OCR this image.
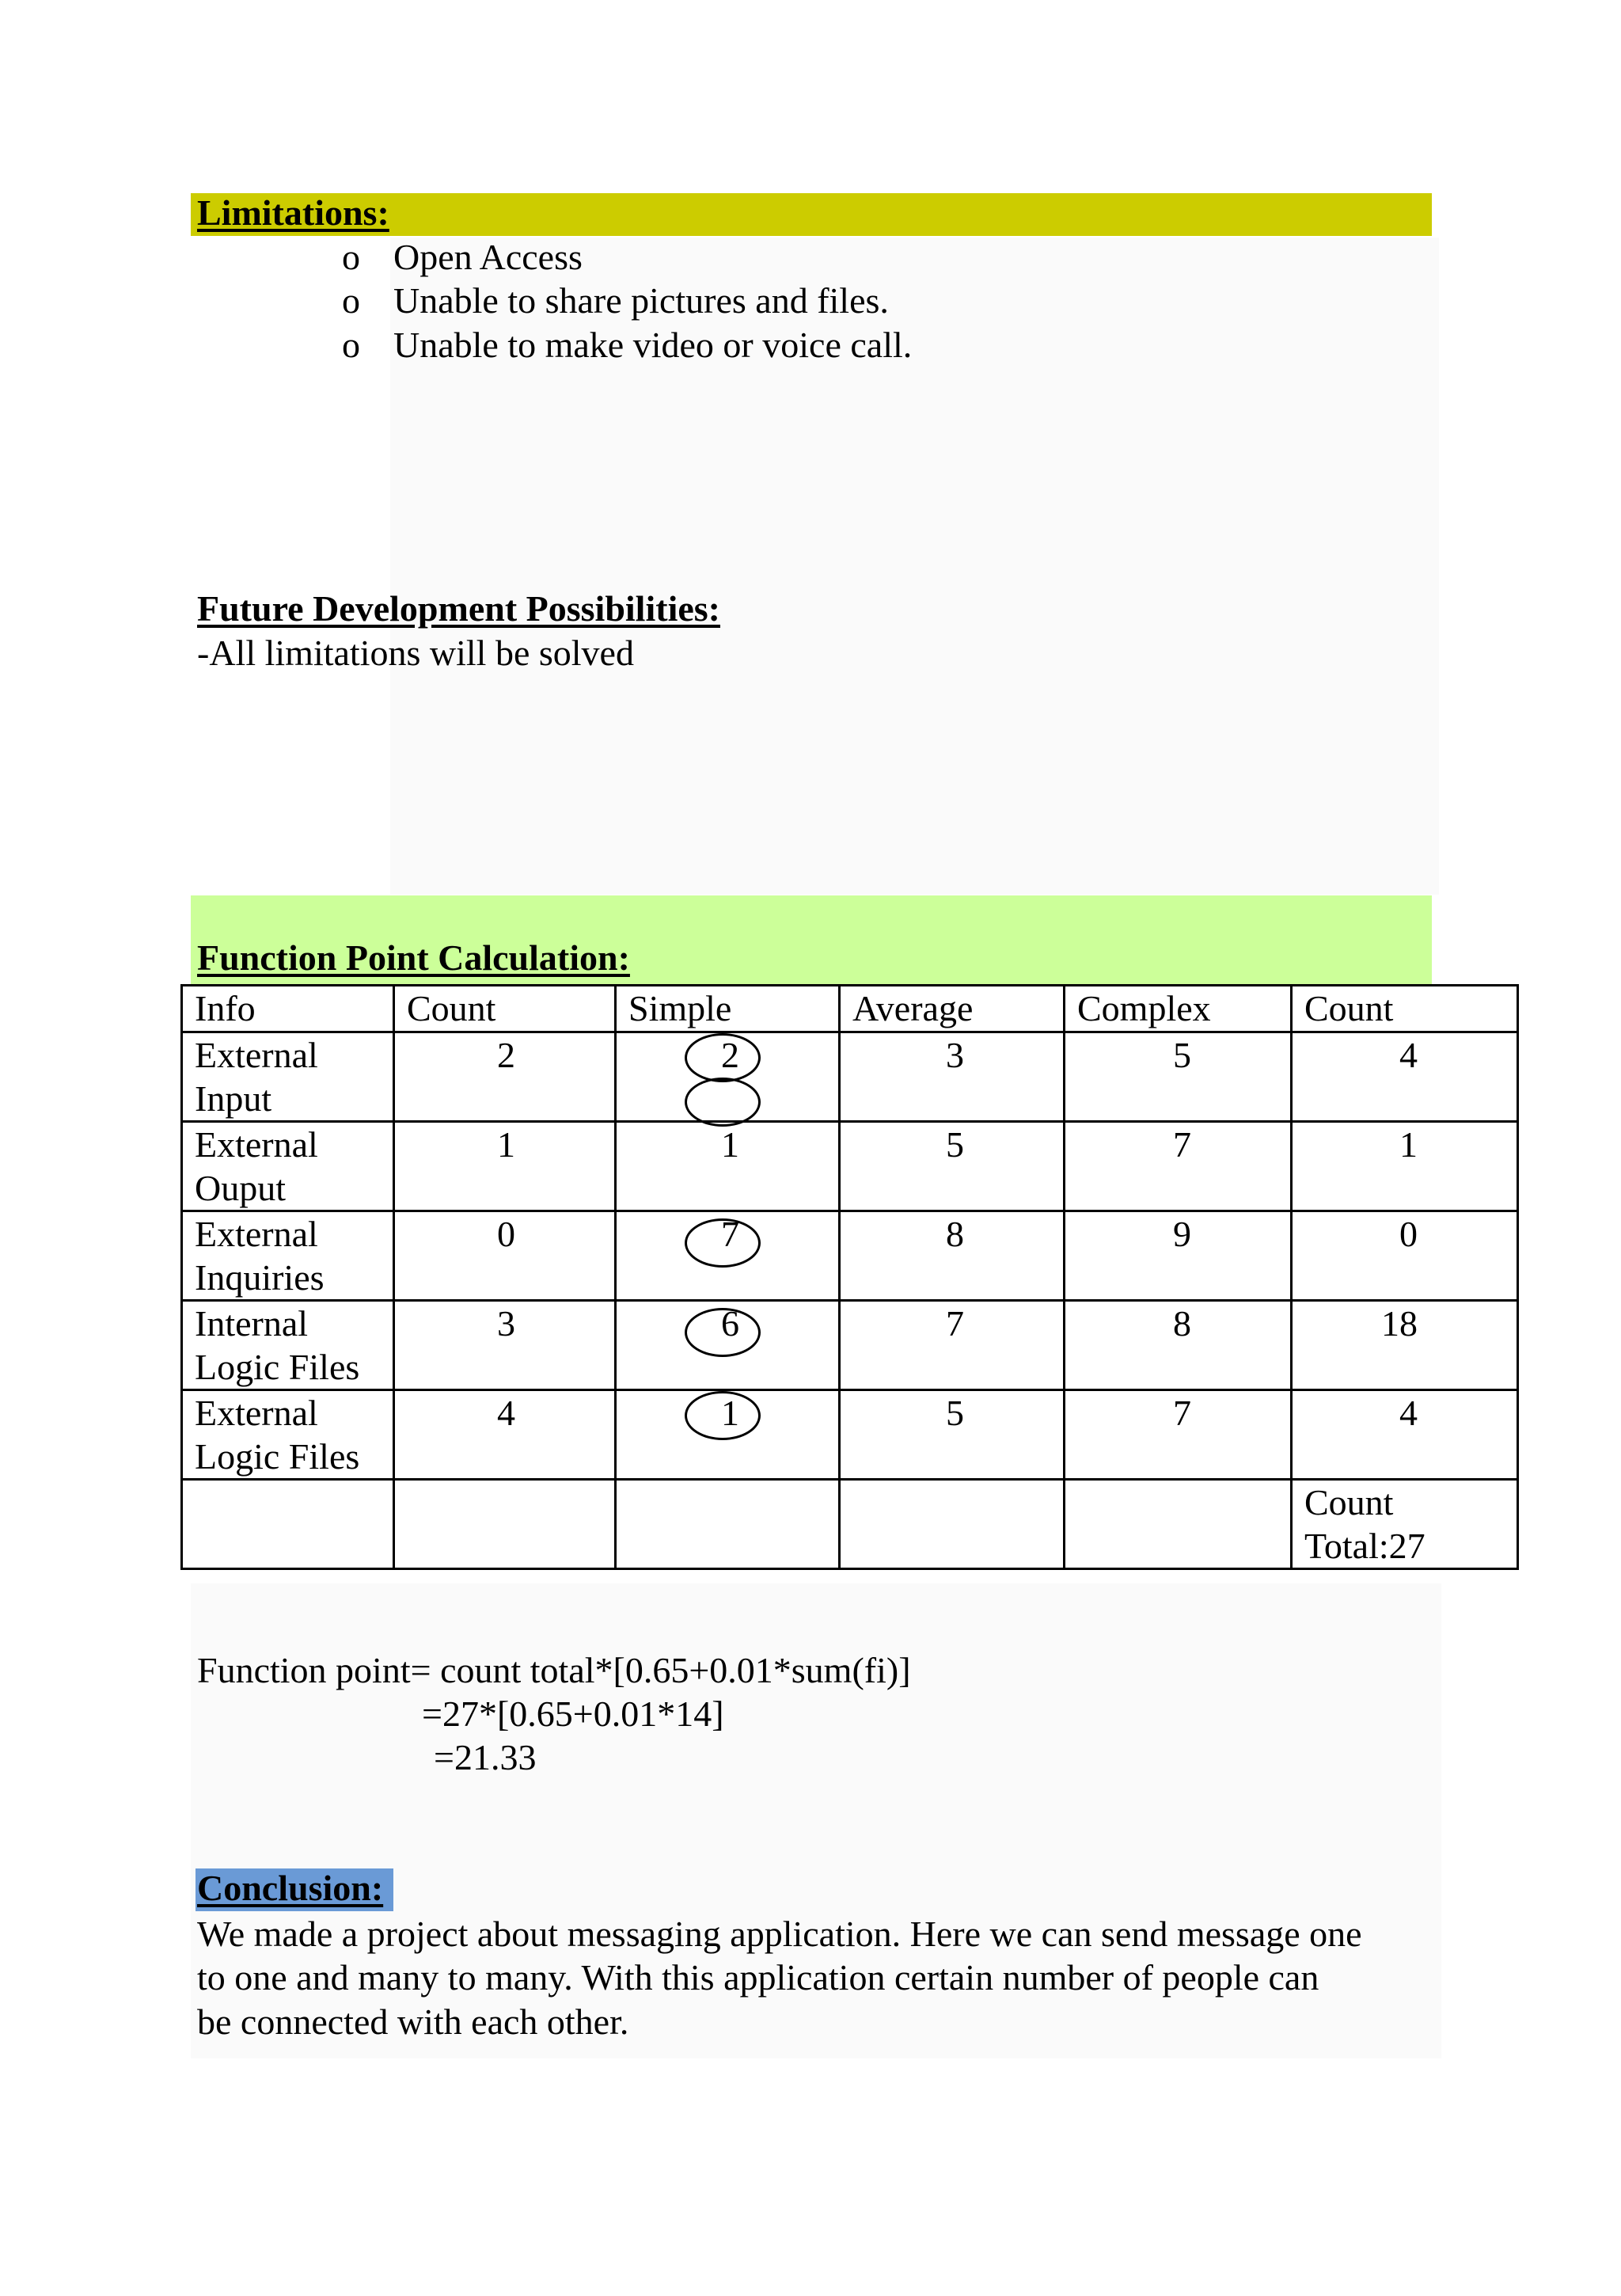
Limitations:
o Open Access
o Unable to share pictures and files.
o Unable to make video or voice call.
Future Development Possibilities:
-All limitations will be solved
Function Point Calculation:
Info	Count	Simple	Average	Complex	Count

External
Input	2	2	3	5	4

External
Ouput	1	1	5	7	1

External
Inquiries	0	7	8	9	0

Internal
Logic Files	3	6	7	8	18

External
Logic Files	4	1	5	7	4

					Count
Total:27
Function point= count total*[0.65+0.01*sum(fi)]
=27*[0.65+0.01*14]
=21.33
Conclusion:
We made a project about messaging application. Here we can send message one
to one and many to many. With this application certain number of people can
be connected with each other.
